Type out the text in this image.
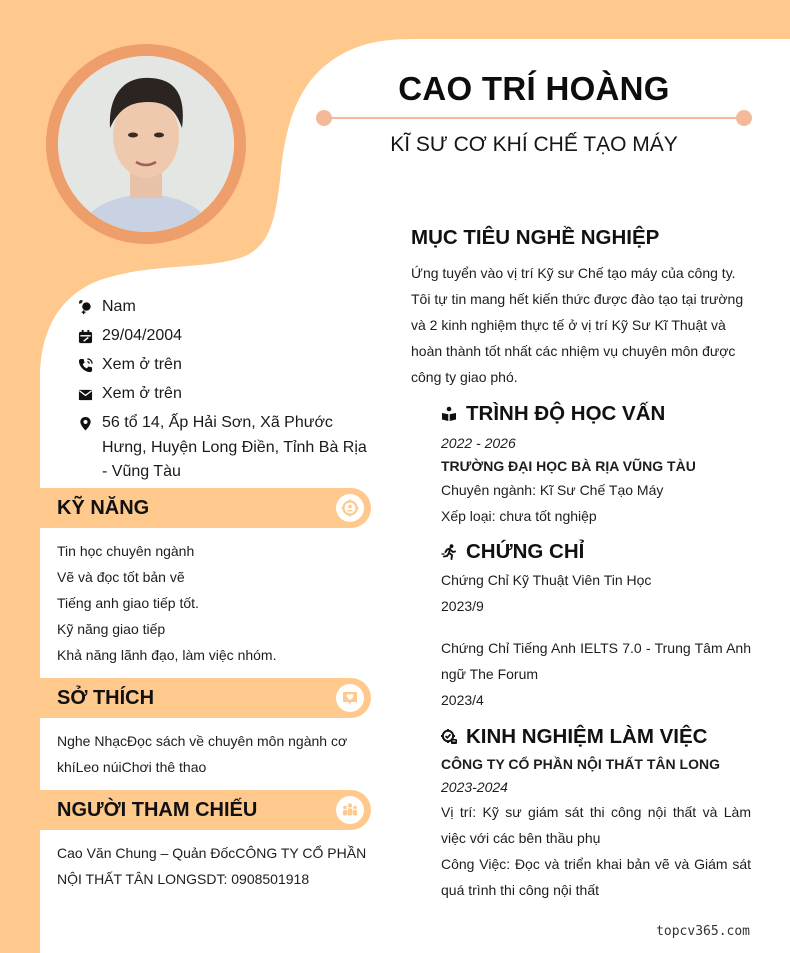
CAO TRÍ HOÀNG
KĨ SƯ CƠ KHÍ CHẾ TẠO MÁY
Nam
29/04/2004
Xem ở trên
Xem ở trên
56 tổ 14, Ấp Hải Sơn, Xã Phước Hưng, Huyện Long Điền, Tỉnh Bà Rịa - Vũng Tàu
KỸ NĂNG
Tin học chuyên ngành
Vẽ và đọc tốt bản vẽ
Tiếng anh giao tiếp tốt.
Kỹ năng giao tiếp
Khả năng lãnh đạo, làm việc nhóm.
SỞ THÍCH
Nghe NhạcĐọc sách về chuyên môn ngành cơ khíLeo núiChơi thê thao
NGƯỜI THAM CHIẾU
Cao Văn Chung – Quản ĐốcCÔNG TY CỔ PHẦN NỘI THẤT TÂN LONGSDT: 0908501918
MỤC TIÊU NGHỀ NGHIỆP
Ứng tuyển vào vị trí Kỹ sư Chế tạo máy của công ty. Tôi tự tin mang hết kiến thức được đào tạo tại trường và 2 kinh nghiệm thực tế ở vị trí Kỹ Sư Kĩ Thuật và hoàn thành tốt nhất các nhiệm vụ chuyên môn được công ty giao phó.
TRÌNH ĐỘ HỌC VẤN
2022 - 2026
TRƯỜNG ĐẠI HỌC BÀ RỊA VŨNG TÀU
Chuyên ngành: Kĩ Sư Chế Tạo Máy
Xếp loại: chưa tốt nghiệp
CHỨNG CHỈ
Chứng Chỉ Kỹ Thuật Viên Tin Học
2023/9
Chứng Chỉ Tiếng Anh IELTS 7.0 - Trung Tâm Anh ngữ The Forum
2023/4
KINH NGHIỆM LÀM VIỆC
CÔNG TY CỔ PHẦN NỘI THẤT TÂN LONG
2023-2024
Vị trí: Kỹ sư giám sát thi công nội thất và Làm việc với các bên thầu phụ
Công Việc: Đọc và triển khai bản vẽ và Giám sát quá trình thi công nội thất
topcv365.com
